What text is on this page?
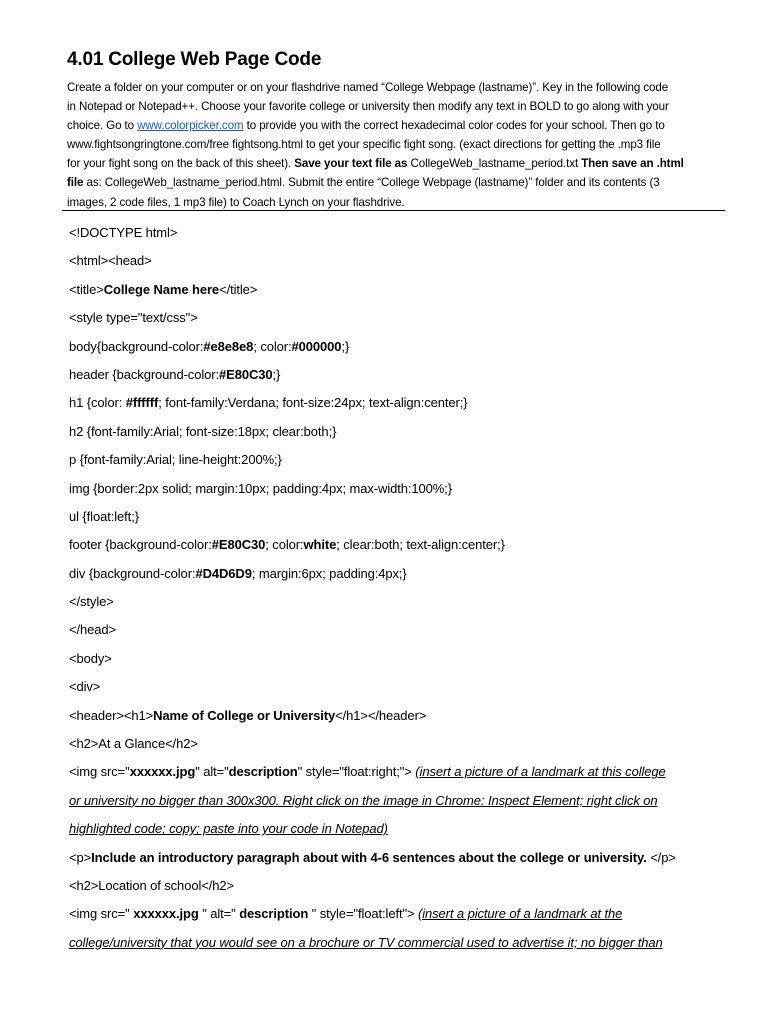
4.01 College Web Page Code
Create a folder on your computer or on your flashdrive named “College Webpage (lastname)”. Key in the following code
in Notepad or Notepad++. Choose your favorite college or university then modify any text in BOLD to go along with your
choice. Go to www.colorpicker.com to provide you with the correct hexadecimal color codes for your school. Then go to
www.fightsongringtone.com/free fightsong.html to get your specific fight song. (exact directions for getting the .mp3 file
for your fight song on the back of this sheet). Save your text file as CollegeWeb_lastname_period.txt Then save an .html
file as: CollegeWeb_lastname_period.html. Submit the entire “College Webpage (lastname)” folder and its contents (3
images, 2 code files, 1 mp3 file) to Coach Lynch on your flashdrive.
<!DOCTYPE html>
<html><head>
<title>College Name here</title>
<style type="text/css">
body{background-color:#e8e8e8; color:#000000;}
header {background-color:#E80C30;}
h1 {color: #ffffff; font-family:Verdana; font-size:24px; text-align:center;}
h2 {font-family:Arial; font-size:18px; clear:both;}
p {font-family:Arial; line-height:200%;}
img {border:2px solid; margin:10px; padding:4px; max-width:100%;}
ul {float:left;}
footer {background-color:#E80C30; color:white; clear:both; text-align:center;}
div {background-color:#D4D6D9; margin:6px; padding:4px;}
</style>
</head>
<body>
<div>
<header><h1>Name of College or University</h1></header>
<h2>At a Glance</h2>
<img src="xxxxxx.jpg" alt="description" style="float:right;"> (insert a picture of a landmark at this college
or university no bigger than 300x300. Right click on the image in Chrome: Inspect Element; right click on
highlighted code; copy; paste into your code in Notepad)
<p>Include an introductory paragraph about with 4-6 sentences about the college or university. </p>
<h2>Location of school</h2>
<img src=" xxxxxx.jpg " alt=" description " style="float:left"> (insert a picture of a landmark at the
college/university that you would see on a brochure or TV commercial used to advertise it; no bigger than
